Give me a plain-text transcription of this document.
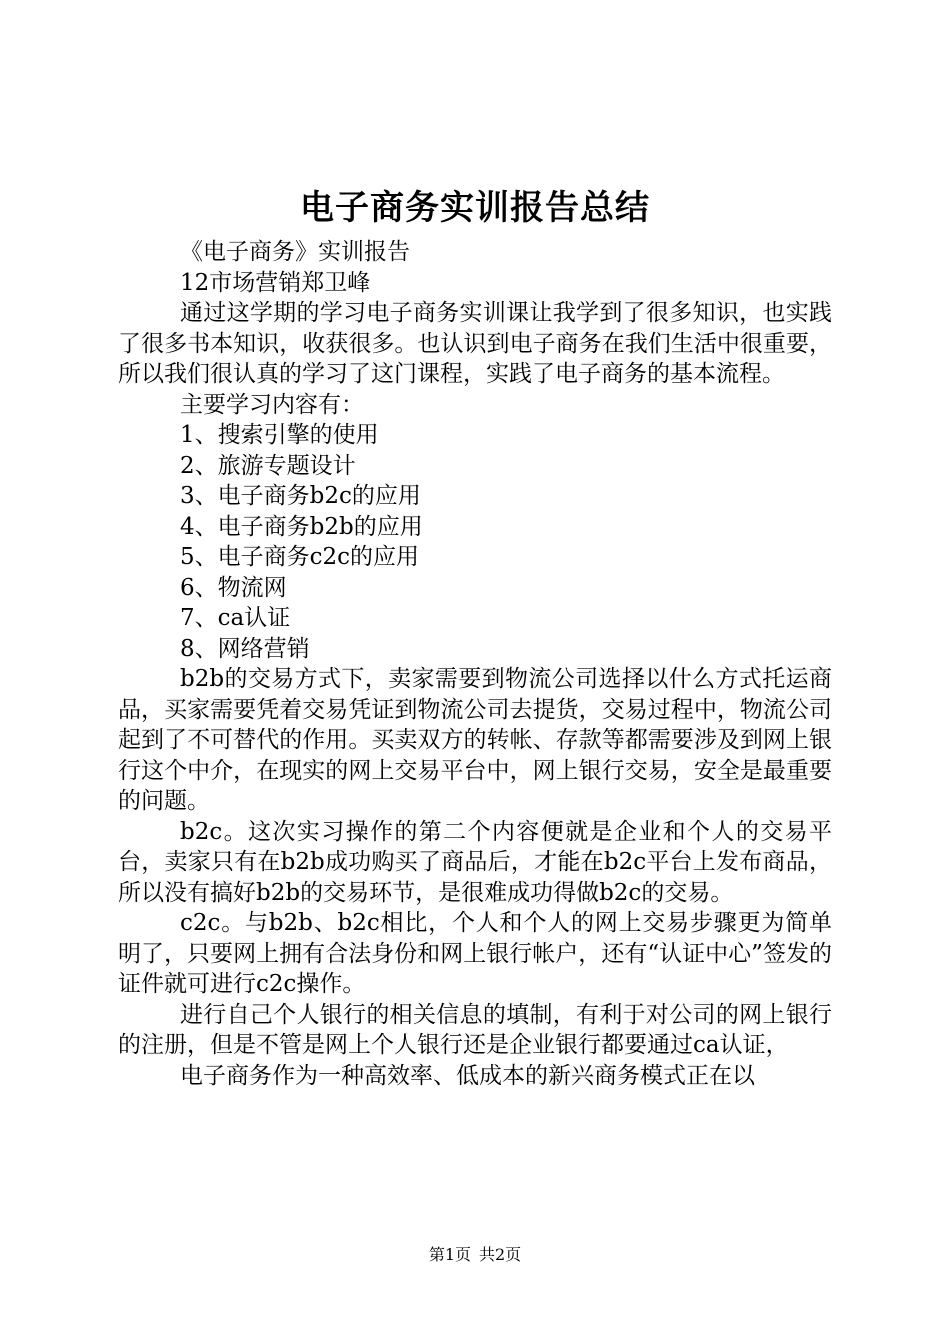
电子商务实训报告总结

《电子商务》实训报告

12市场营销郑卫峰

通过这学期的学习电子商务实训课让我学到了很多知识，也实践了很多书本知识，收获很多。也认识到电子商务在我们生活中很重要，所以我们很认真的学习了这门课程，实践了电子商务的基本流程。

主要学习内容有：

1、搜索引擎的使用

2、旅游专题设计

3、电子商务b2c的应用

4、电子商务b2b的应用

5、电子商务c2c的应用

6、物流网

7、ca认证

8、网络营销

b2b的交易方式下，卖家需要到物流公司选择以什么方式托运商品，买家需要凭着交易凭证到物流公司去提货，交易过程中，物流公司起到了不可替代的作用。买卖双方的转帐、存款等都需要涉及到网上银行这个中介，在现实的网上交易平台中，网上银行交易，安全是最重要的问题。

b2c。这次实习操作的第二个内容便就是企业和个人的交易平台，卖家只有在b2b成功购买了商品后，才能在b2c平台上发布商品，所以没有搞好b2b的交易环节，是很难成功得做b2c的交易。

c2c。与b2b、b2c相比，个人和个人的网上交易步骤更为简单明了，只要网上拥有合法身份和网上银行帐户，还有“认证中心”签发的证件就可进行c2c操作。

进行自己个人银行的相关信息的填制，有利于对公司的网上银行的注册，但是不管是网上个人银行还是企业银行都要通过ca认证，

电子商务作为一种高效率、低成本的新兴商务模式正在以

第1页 共2页
